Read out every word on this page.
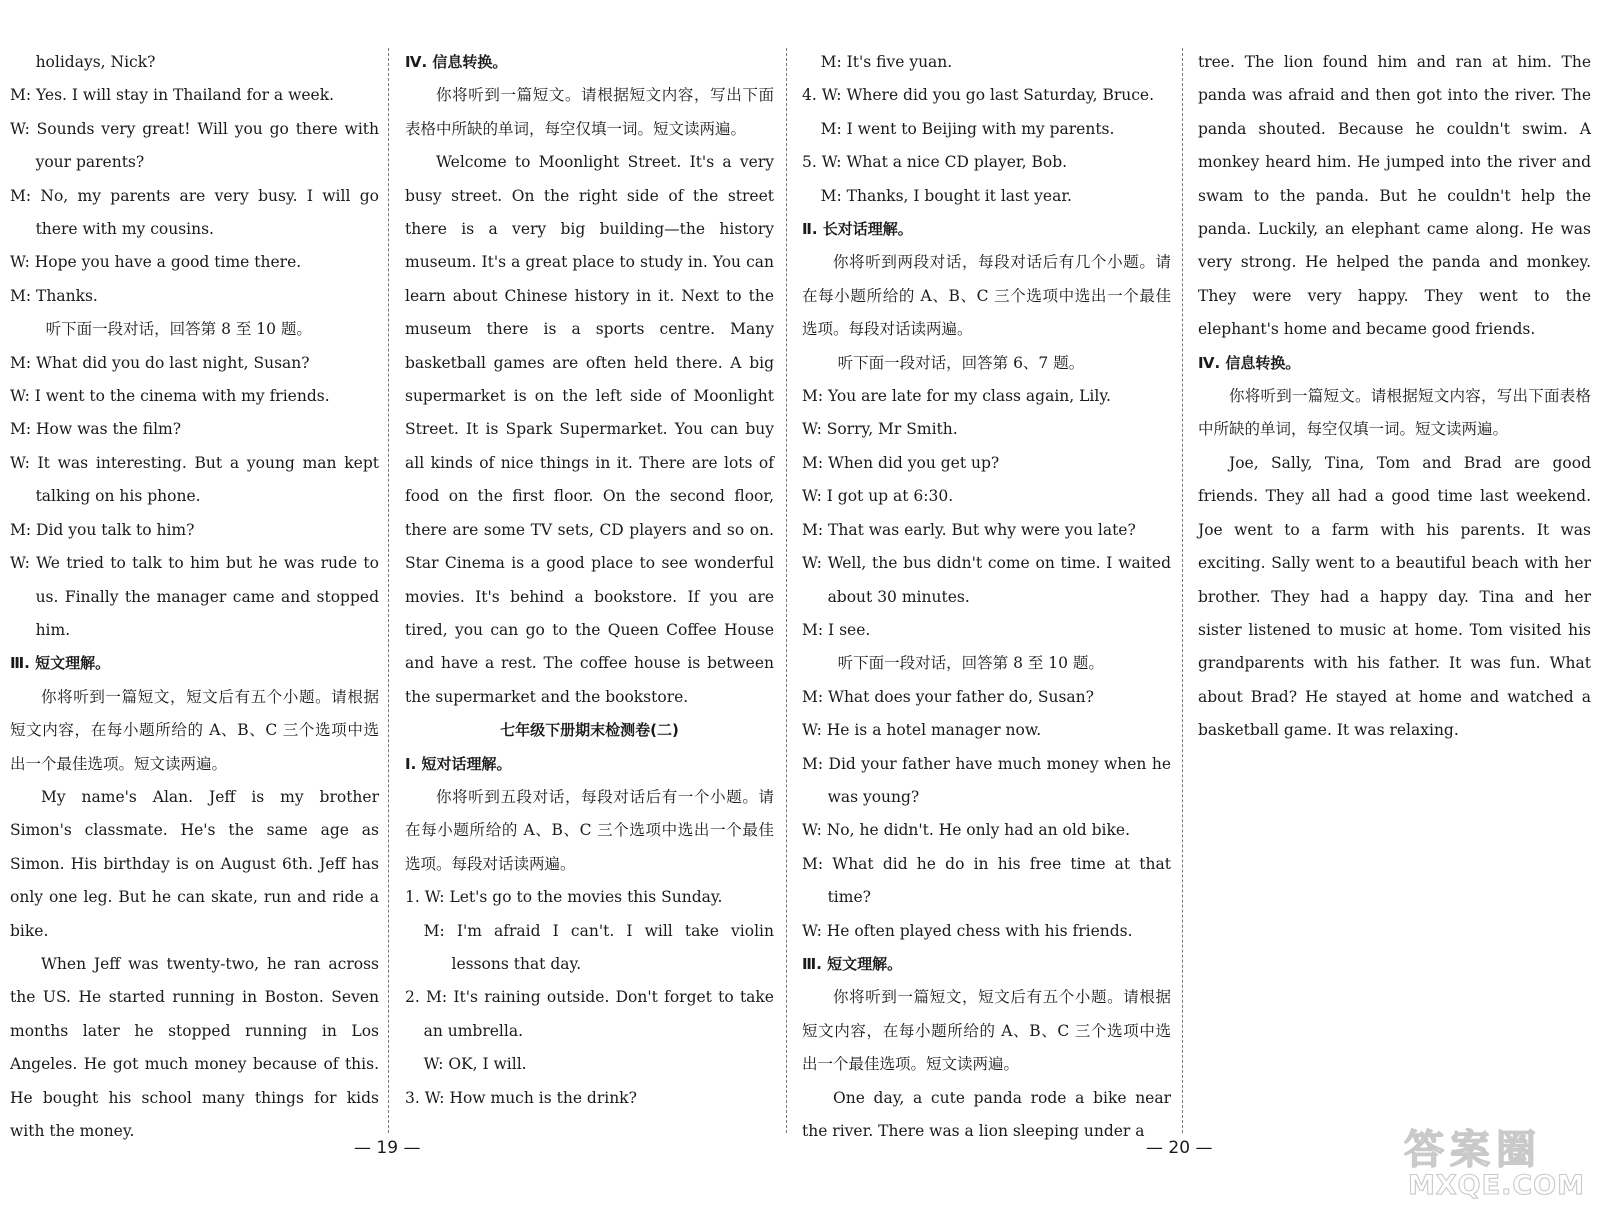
holidays, Nick?

M: Yes. I will stay in Thailand for a week.

W: Sounds very great! Will you go there with your parents?

M: No, my parents are very busy. I will go there with my cousins.

W: Hope you have a good time there.

M: Thanks.

听下面一段对话，回答第 8 至 10 题。

M: What did you do last night, Susan?

W: I went to the cinema with my friends.

M: How was the film?

W: It was interesting. But a young man kept talking on his phone.

M: Did you talk to him?

W: We tried to talk to him but he was rude to us. Finally the manager came and stopped him.

Ⅲ. 短文理解。

你将听到一篇短文，短文后有五个小题。请根据短文内容，在每小题所给的 A、B、C 三个选项中选出一个最佳选项。短文读两遍。

My name's Alan. Jeff is my brother Simon's classmate. He's the same age as Simon. His birthday is on August 6th. Jeff has only one leg. But he can skate, run and ride a bike.

When Jeff was twenty-two, he ran across the US. He started running in Boston. Seven months later he stopped running in Los Angeles. He got much money because of this. He bought his school many things for kids with the money.

Ⅳ. 信息转换。

你将听到一篇短文。请根据短文内容，写出下面表格中所缺的单词，每空仅填一词。短文读两遍。

Welcome to Moonlight Street. It's a very busy street. On the right side of the street there is a very big building—the history museum. It's a great place to study in. You can learn about Chinese history in it. Next to the museum there is a sports centre. Many basketball games are often held there. A big supermarket is on the left side of Moonlight Street. It is Spark Supermarket. You can buy all kinds of nice things in it. There are lots of food on the first floor. On the second floor, there are some TV sets, CD players and so on. Star Cinema is a good place to see wonderful movies. It's behind a bookstore. If you are tired, you can go to the Queen Coffee House and have a rest. The coffee house is between the supermarket and the bookstore.

七年级下册期末检测卷(二)

Ⅰ. 短对话理解。

你将听到五段对话，每段对话后有一个小题。请在每小题所给的 A、B、C 三个选项中选出一个最佳选项。每段对话读两遍。

1. W: Let's go to the movies this Sunday.

M: I'm afraid I can't. I will take violin lessons that day.

2. M: It's raining outside. Don't forget to take an umbrella.

W: OK, I will.

3. W: How much is the drink?

M: It's five yuan.

4. W: Where did you go last Saturday, Bruce.

M: I went to Beijing with my parents.

5. W: What a nice CD player, Bob.

M: Thanks, I bought it last year.

Ⅱ. 长对话理解。

你将听到两段对话，每段对话后有几个小题。请在每小题所给的 A、B、C 三个选项中选出一个最佳选项。每段对话读两遍。

听下面一段对话，回答第 6、7 题。

M: You are late for my class again, Lily.

W: Sorry, Mr Smith.

M: When did you get up?

W: I got up at 6:30.

M: That was early. But why were you late?

W: Well, the bus didn't come on time. I waited about 30 minutes.

M: I see.

听下面一段对话，回答第 8 至 10 题。

M: What does your father do, Susan?

W: He is a hotel manager now.

M: Did your father have much money when he was young?

W: No, he didn't. He only had an old bike.

M: What did he do in his free time at that time?

W: He often played chess with his friends.

Ⅲ. 短文理解。

你将听到一篇短文，短文后有五个小题。请根据短文内容，在每小题所给的 A、B、C 三个选项中选出一个最佳选项。短文读两遍。

One day, a cute panda rode a bike near the river. There was a lion sleeping under a

tree. The lion found him and ran at him. The panda was afraid and then got into the river. The panda shouted. Because he couldn't swim. A monkey heard him. He jumped into the river and swam to the panda. But he couldn't help the panda. Luckily, an elephant came along. He was very strong. He helped the panda and monkey. They were very happy. They went to the elephant's home and became good friends.

Ⅳ. 信息转换。

你将听到一篇短文。请根据短文内容，写出下面表格中所缺的单词，每空仅填一词。短文读两遍。

Joe, Sally, Tina, Tom and Brad are good friends. They all had a good time last weekend. Joe went to a farm with his parents. It was exciting. Sally went to a beautiful beach with her brother. They had a happy day. Tina and her sister listened to music at home. Tom visited his grandparents with his father. It was fun. What about Brad? He stayed at home and watched a basketball game. It was relaxing.

— 19 —	— 20 —	答案圈
MXQE.COM
